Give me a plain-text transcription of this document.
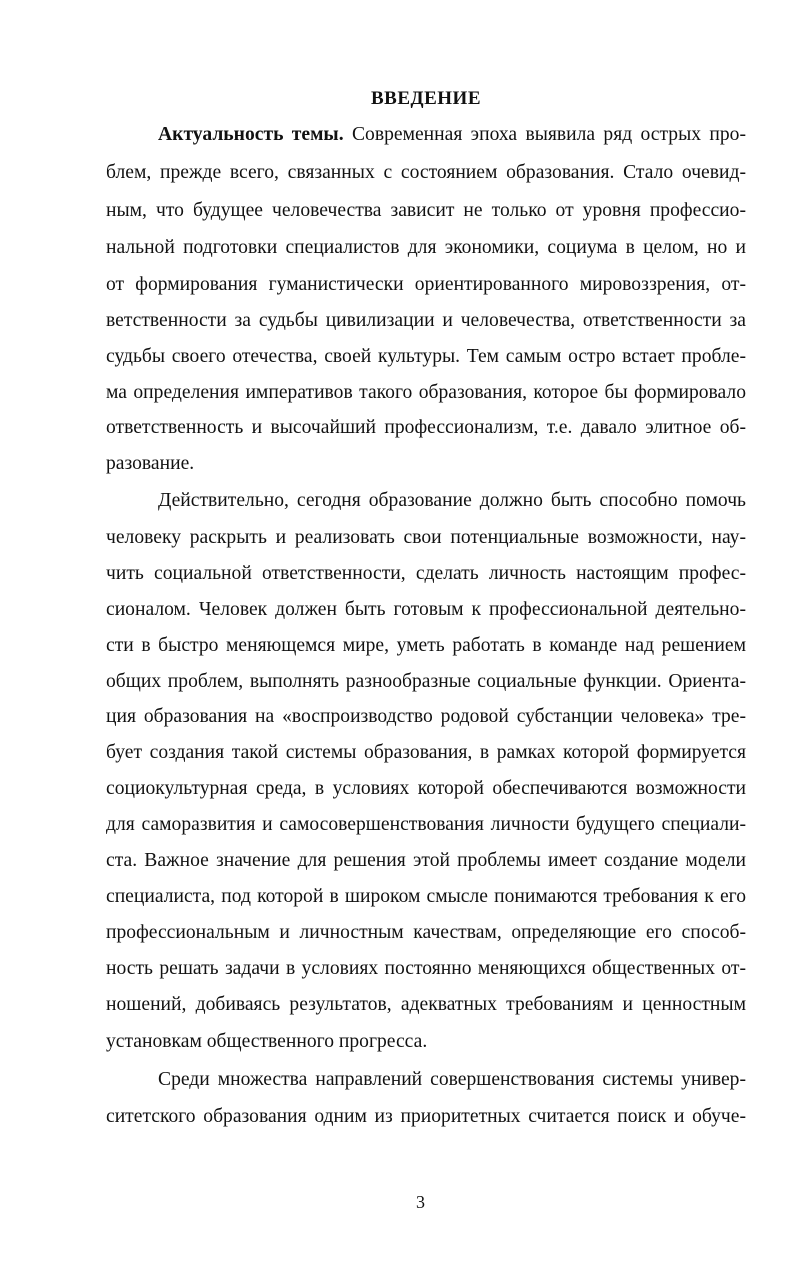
ВВЕДЕНИЕ
Актуальность темы. Современная эпоха выявила ряд острых про-
блем, прежде всего, связанных с состоянием образования. Стало очевид-
ным, что будущее человечества зависит не только от уровня профессио-
нальной подготовки специалистов для экономики, социума в целом, но и
от формирования гуманистически ориентированного мировоззрения, от-
ветственности за судьбы цивилизации и человечества, ответственности за
судьбы своего отечества, своей культуры. Тем самым остро встает пробле-
ма определения императивов такого образования, которое бы формировало
ответственность и высочайший профессионализм, т.е. давало элитное об-
разование.
Действительно, сегодня образование должно быть способно помочь
человеку раскрыть и реализовать свои потенциальные возможности, нау-
чить социальной ответственности, сделать личность настоящим профес-
сионалом. Человек должен быть готовым к профессиональной деятельно-
сти в быстро меняющемся мире, уметь работать в команде над решением
общих проблем, выполнять разнообразные социальные функции. Ориента-
ция образования на «воспроизводство родовой субстанции человека» тре-
бует создания такой системы образования, в рамках которой формируется
социокультурная среда, в условиях которой обеспечиваются возможности
для саморазвития и самосовершенствования личности будущего специали-
ста. Важное значение для решения этой проблемы имеет создание модели
специалиста, под которой в широком смысле понимаются требования к его
профессиональным и личностным качествам, определяющие его способ-
ность решать задачи в условиях постоянно меняющихся общественных от-
ношений, добиваясь результатов, адекватных требованиям и ценностным
установкам общественного прогресса.
Среди множества направлений совершенствования системы универ-
ситетского образования одним из приоритетных считается поиск и обуче-
3
